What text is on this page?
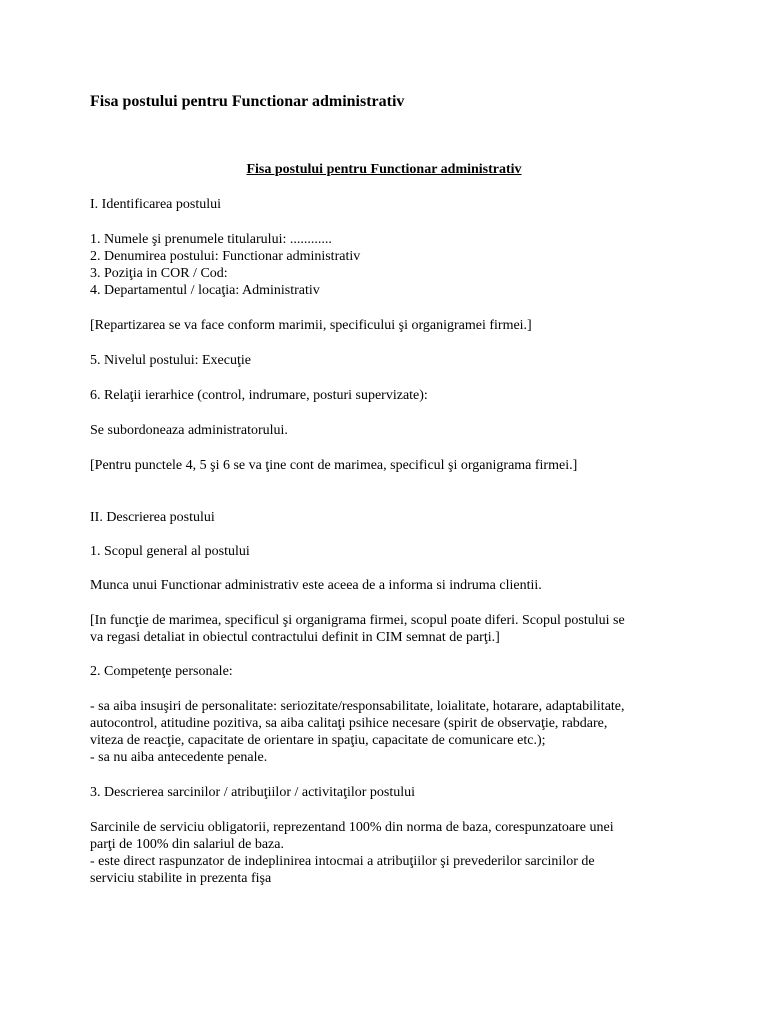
Fisa postului pentru Functionar administrativ

Fisa postului pentru Functionar administrativ

I. Identificarea postului

1. Numele şi prenumele titularului: ............

2. Denumirea postului: Functionar administrativ

3. Poziţia in COR / Cod:

4. Departamentul / locaţia: Administrativ

[Repartizarea se va face conform marimii, specificului şi organigramei firmei.]

5. Nivelul postului: Execuţie

6. Relaţii ierarhice (control, indrumare, posturi supervizate):

Se subordoneaza administratorului.

[Pentru punctele 4, 5 şi 6 se va ţine cont de marimea, specificul şi organigrama firmei.]

II. Descrierea postului

1. Scopul general al postului

Munca unui Functionar administrativ este aceea de a informa si indruma clientii.

[In funcţie de marimea, specificul şi organigrama firmei, scopul poate diferi. Scopul postului se

va regasi detaliat in obiectul contractului definit in CIM semnat de parţi.]

2. Competenţe personale:

- sa aiba insuşiri de personalitate: seriozitate/responsabilitate, loialitate, hotarare, adaptabilitate,

autocontrol, atitudine pozitiva, sa aiba calitaţi psihice necesare (spirit de observaţie, rabdare,

viteza de reacţie, capacitate de orientare in spaţiu, capacitate de comunicare etc.);

- sa nu aiba antecedente penale.

3. Descrierea sarcinilor / atribuţiilor / activitaţilor postului

Sarcinile de serviciu obligatorii, reprezentand 100% din norma de baza, corespunzatoare unei

parţi de 100% din salariul de baza.

- este direct raspunzator de indeplinirea intocmai a atribuţiilor şi prevederilor sarcinilor de

serviciu stabilite in prezenta fişa
